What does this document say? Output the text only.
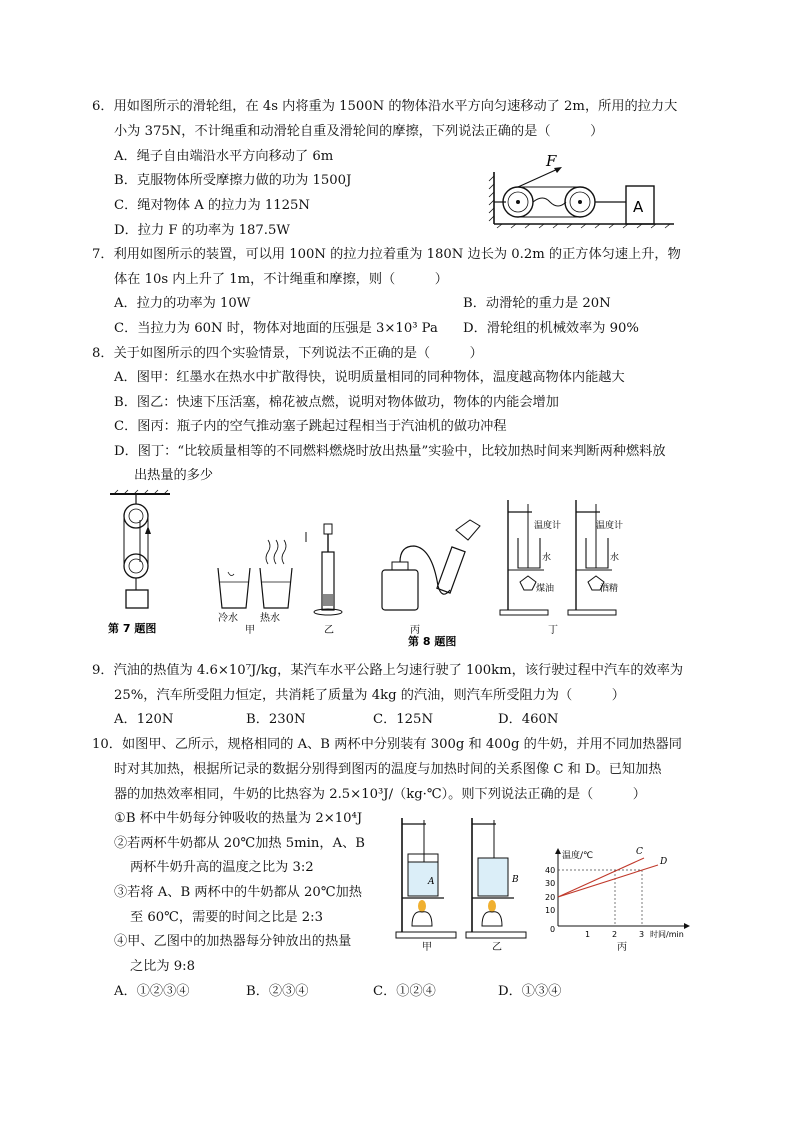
6．用如图所示的滑轮组，在 4s 内将重为 1500N 的物体沿水平方向匀速移动了 2m，所用的拉力大
小为 375N，不计绳重和动滑轮自重及滑轮间的摩擦，下列说法正确的是（　　　）
A．绳子自由端沿水平方向移动了 6m
B．克服物体所受摩擦力做的功为 1500J
C．绳对物体 A 的拉力为 1125N
D．拉力 F 的功率为 187.5W
F
A
7．利用如图所示的装置，可以用 100N 的拉力拉着重为 180N 边长为 0.2m 的正方体匀速上升，物
体在 10s 内上升了 1m，不计绳重和摩擦，则（　　　）
A．拉力的功率为 10W	B．动滑轮的重力是 20N
C．当拉力为 60N 时，物体对地面的压强是 3×10³ Pa D．滑轮组的机械效率为 90%
8．关于如图所示的四个实验情景，下列说法不正确的是（　　　）
A．图甲：红墨水在热水中扩散得快，说明质量相同的同种物体，温度越高物体内能越大
B．图乙：快速下压活塞，棉花被点燃，说明对物体做功，物体的内能会增加
C．图丙：瓶子内的空气推动塞子跳起过程相当于汽油机的做功冲程
D．图丁：“比较质量相等的不同燃料燃烧时放出热量”实验中，比较加热时间来判断两种燃料放
出热量的多少
第 7 题图
冷水 热水
甲	乙	丙
第 8 题图
温度计
水
煤油
温度计
水
酒精
丁
9．汽油的热值为 4.6×10⁷J/kg，某汽车水平公路上匀速行驶了 100km，该行驶过程中汽车的效率为
25%，汽车所受阻力恒定，共消耗了质量为 4kg 的汽油，则汽车所受阻力为（　　　）
A．120N	B．230N	C．125N	D．460N
10．如图甲、乙所示，规格相同的 A、B 两杯中分别装有 300g 和 400g 的牛奶，并用不同加热器同
时对其加热，根据所记录的数据分别得到图丙的温度与加热时间的关系图像 C 和 D。已知加热
器的加热效率相同，牛奶的比热容为 2.5×10³J/（kg·℃）。则下列说法正确的是（　　　）
①B 杯中牛奶每分钟吸收的热量为 2×10⁴J
②若两杯牛奶都从 20℃加热 5min，A、B
两杯牛奶升高的温度之比为 3:2
③若将 A、B 两杯中的牛奶都从 20℃加热
至 60℃，需要的时间之比是 2:3
④甲、乙图中的加热器每分钟放出的热量
之比为 9:8
A．①②③④	B．②③④	C．①②④	D．①③④
A
甲
B
乙
温度/℃
时间/min
40
30
20
10
0
1	2	3
C
D
丙
